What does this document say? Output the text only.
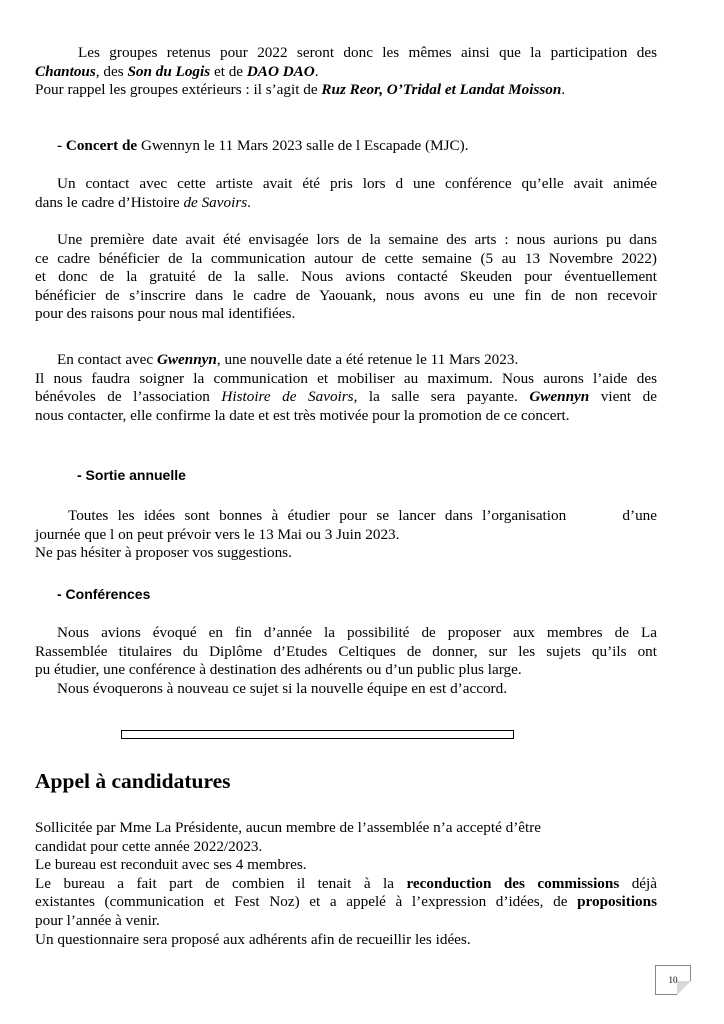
Les groupes retenus pour 2022 seront donc les mêmes ainsi que la participation des
Chantous, des Son du Logis et de DAO DAO.
Pour rappel les groupes extérieurs : il s’agit de Ruz Reor, O’Tridal et Landat Moisson.
- Concert de Gwennyn le 11 Mars 2023 salle de l Escapade (MJC).
Un contact avec cette artiste avait été pris lors d une conférence qu’elle avait animée
dans le cadre d’Histoire de Savoirs.
Une première date avait été envisagée lors de la semaine des arts : nous aurions pu dans
ce cadre bénéficier de la communication autour de cette semaine (5 au 13 Novembre 2022)
et donc de la gratuité de la salle. Nous avions contacté Skeuden pour éventuellement
bénéficier de s’inscrire dans le cadre de Yaouank, nous avons eu une fin de non recevoir
pour des raisons pour nous mal identifiées.
En contact avec Gwennyn, une nouvelle date a été retenue le 11 Mars 2023.
Il nous faudra soigner la communication et mobiliser au maximum. Nous aurons l’aide des
bénévoles de l’association Histoire de Savoirs, la salle sera payante. Gwennyn vient de
nous contacter, elle confirme la date et est très motivée pour la promotion de ce concert.
- Sortie annuelle
Toutes les idées sont bonnes à étudier pour se lancer dans l’organisation      d’une
journée que l on peut prévoir vers le 13 Mai ou 3 Juin 2023.
Ne pas hésiter à proposer vos suggestions.
- Conférences
Nous avions évoqué en fin d’année la possibilité de proposer aux membres de La
Rassemblée titulaires du Diplôme d’Etudes Celtiques de donner, sur les sujets qu’ils ont
pu étudier, une conférence à destination des adhérents ou d’un public plus large.
Nous évoquerons à nouveau ce sujet si la nouvelle équipe en est d’accord.
Appel à candidatures
Sollicitée par Mme La Présidente, aucun membre de l’assemblée n’a accepté d’être
candidat pour cette année 2022/2023.
Le bureau est reconduit avec ses 4 membres.
Le bureau a fait part de combien il tenait à la reconduction des commissions déjà
existantes (communication et Fest Noz) et a appelé à l’expression d’idées, de propositions
pour l’année à venir.
Un questionnaire sera proposé aux adhérents afin de recueillir les idées.
10
